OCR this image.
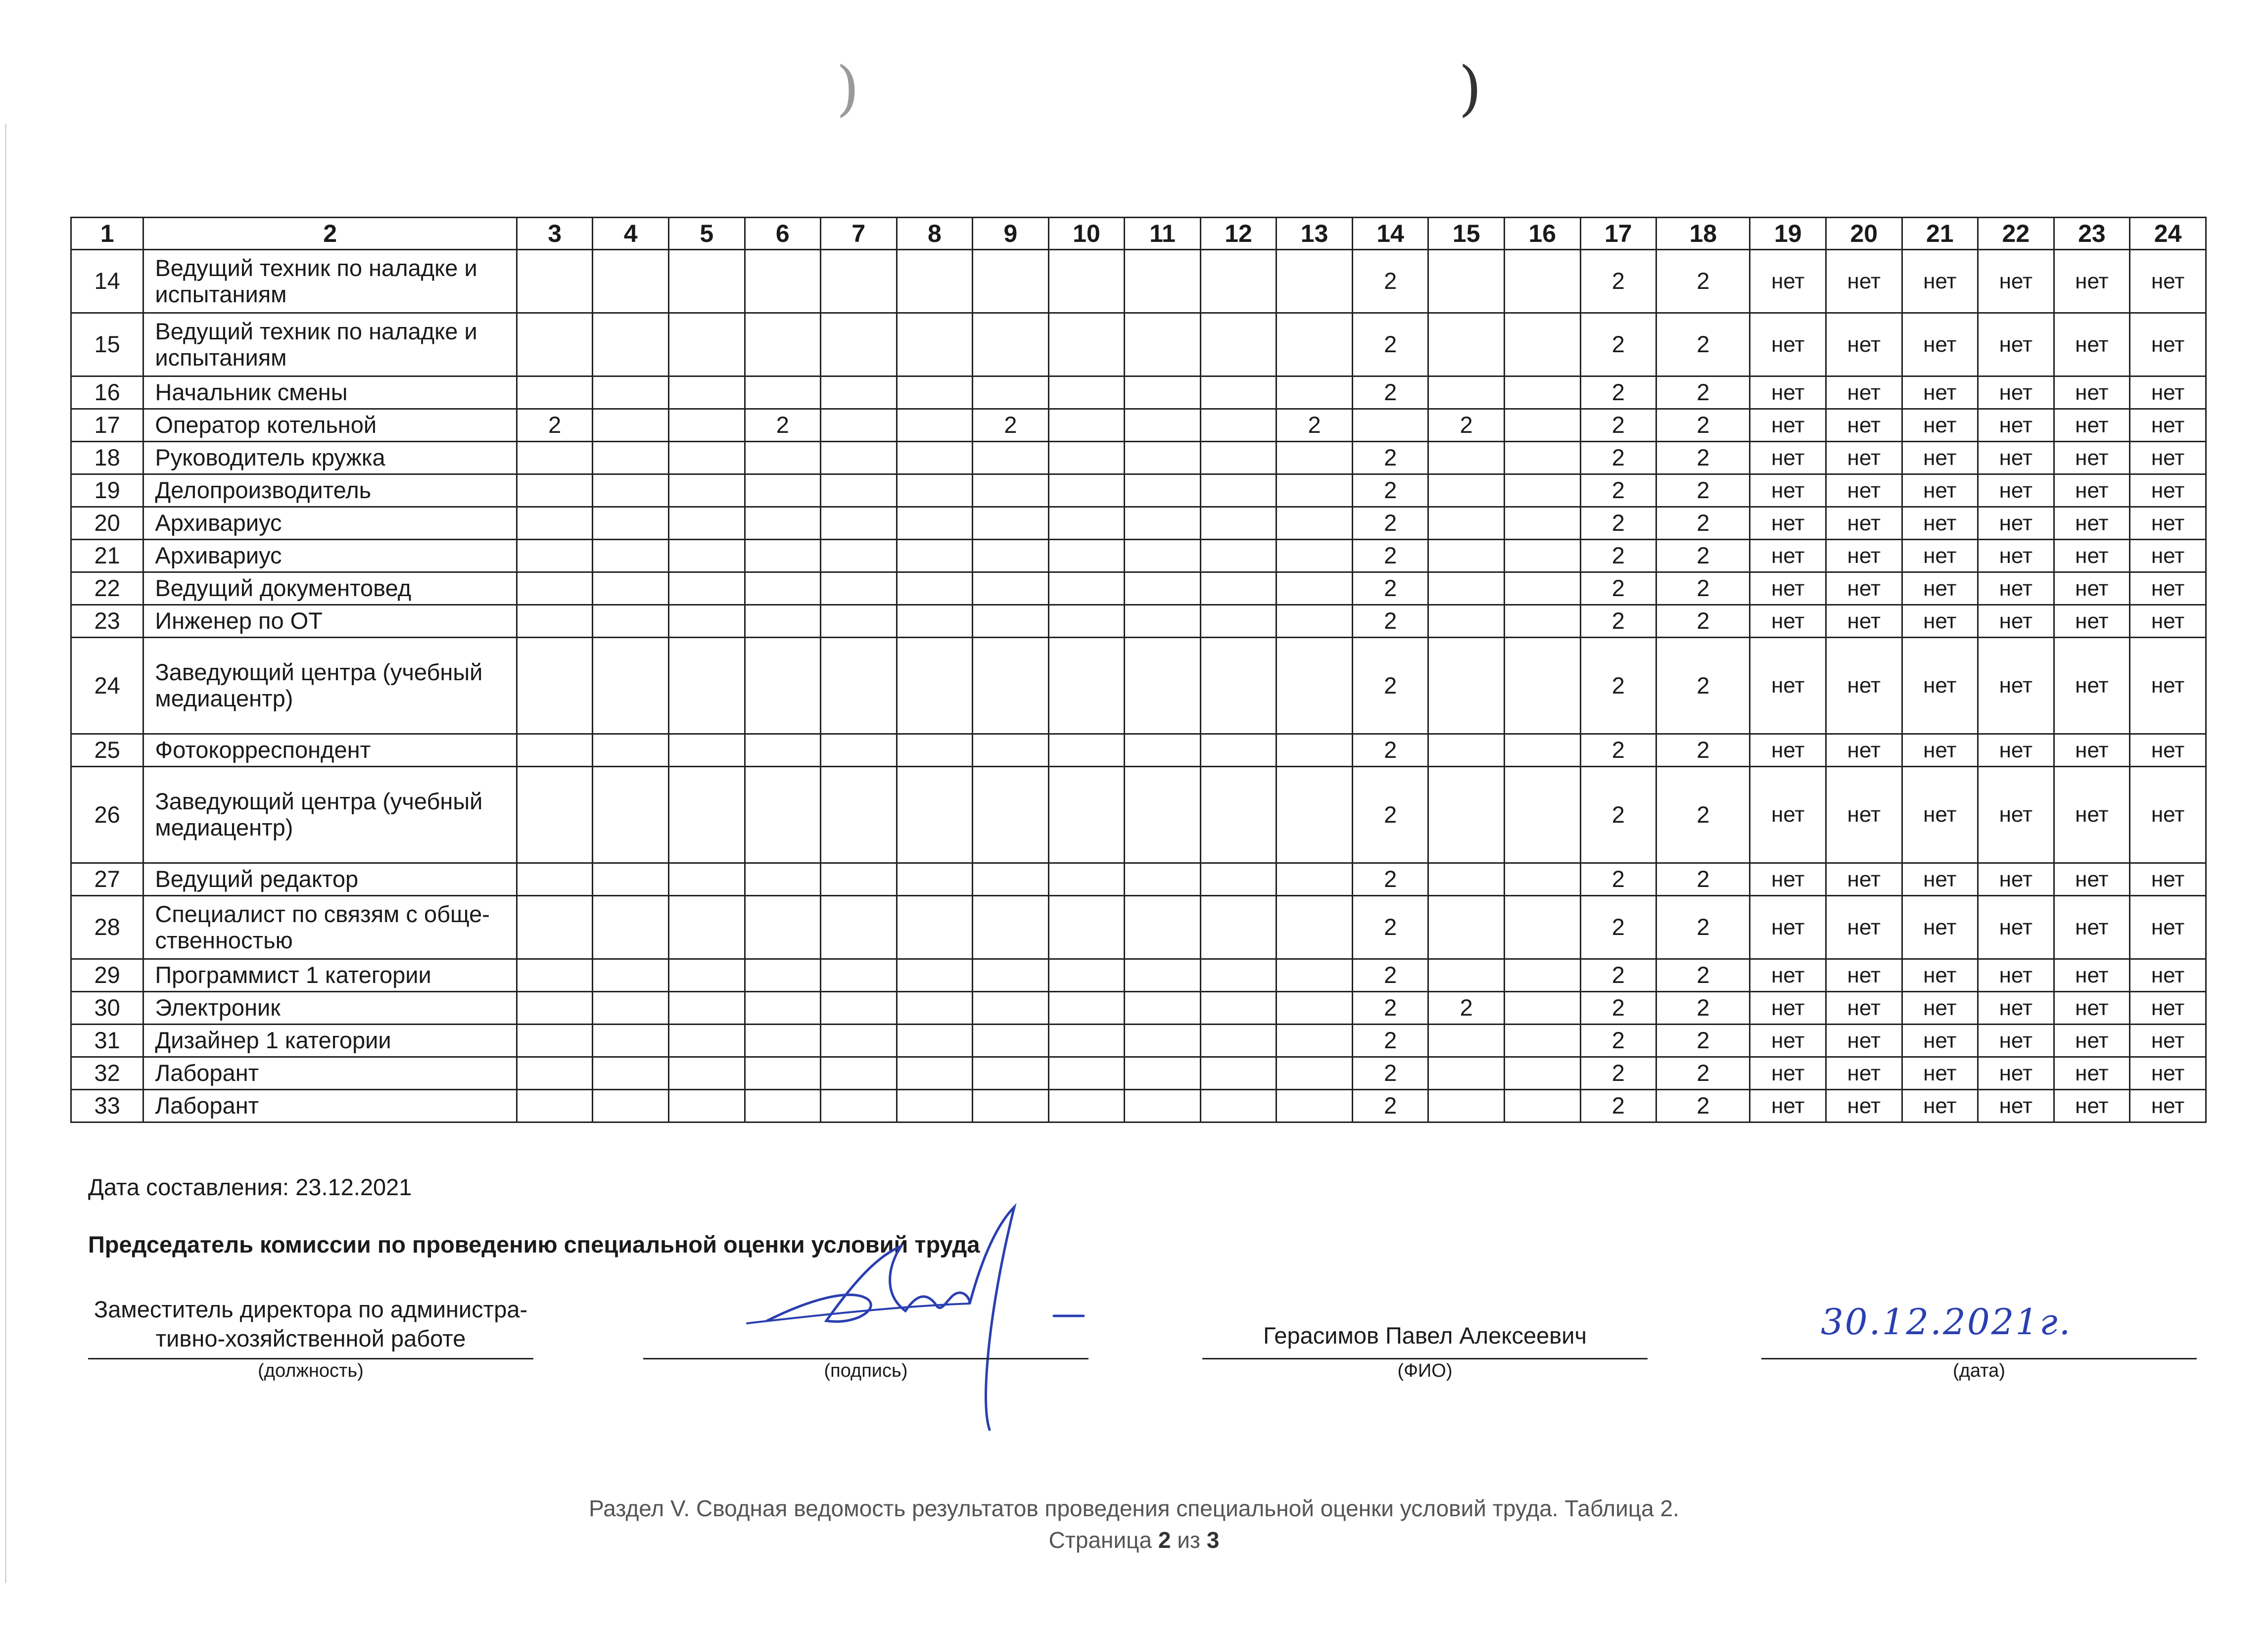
)	)
1	2	3	4	5	6	7	8	9	10	11	12	13	14	15	16	17	18	19	20	21	22	23	24
14	Ведущий техник по наладке и испытаниям												2			2	2	нет	нет	нет	нет	нет	нет
15	Ведущий техник по наладке и испытаниям												2			2	2	нет	нет	нет	нет	нет	нет
16	Начальник смены												2			2	2	нет	нет	нет	нет	нет	нет
17	Оператор котельной	2			2			2				2		2		2	2	нет	нет	нет	нет	нет	нет
18	Руководитель кружка												2			2	2	нет	нет	нет	нет	нет	нет
19	Делопроизводитель												2			2	2	нет	нет	нет	нет	нет	нет
20	Архивариус												2			2	2	нет	нет	нет	нет	нет	нет
21	Архивариус												2			2	2	нет	нет	нет	нет	нет	нет
22	Ведущий документовед												2			2	2	нет	нет	нет	нет	нет	нет
23	Инженер по ОТ												2			2	2	нет	нет	нет	нет	нет	нет
24	Заведующий центра (учебный медиацентр)												2			2	2	нет	нет	нет	нет	нет	нет
25	Фотокорреспондент												2			2	2	нет	нет	нет	нет	нет	нет
26	Заведующий центра (учебный медиацентр)												2			2	2	нет	нет	нет	нет	нет	нет
27	Ведущий редактор												2			2	2	нет	нет	нет	нет	нет	нет
28	Специалист по связям с обще-ственностью												2			2	2	нет	нет	нет	нет	нет	нет
29	Программист 1 категории												2			2	2	нет	нет	нет	нет	нет	нет
30	Электроник												2	2		2	2	нет	нет	нет	нет	нет	нет
31	Дизайнер 1 категории												2			2	2	нет	нет	нет	нет	нет	нет
32	Лаборант												2			2	2	нет	нет	нет	нет	нет	нет
33	Лаборант												2			2	2	нет	нет	нет	нет	нет	нет
Дата составления: 23.12.2021
Председатель комиссии по проведению специальной оценки условий труда
Заместитель директора по администра-тивно-хозяйственной работе
(должность)	(подпись)
Герасимов Павел Алексеевич
(ФИО)
30.12.2021г.
(дата)
Раздел V. Сводная ведомость результатов проведения специальной оценки условий труда. Таблица 2.
Страница 2 из 3
